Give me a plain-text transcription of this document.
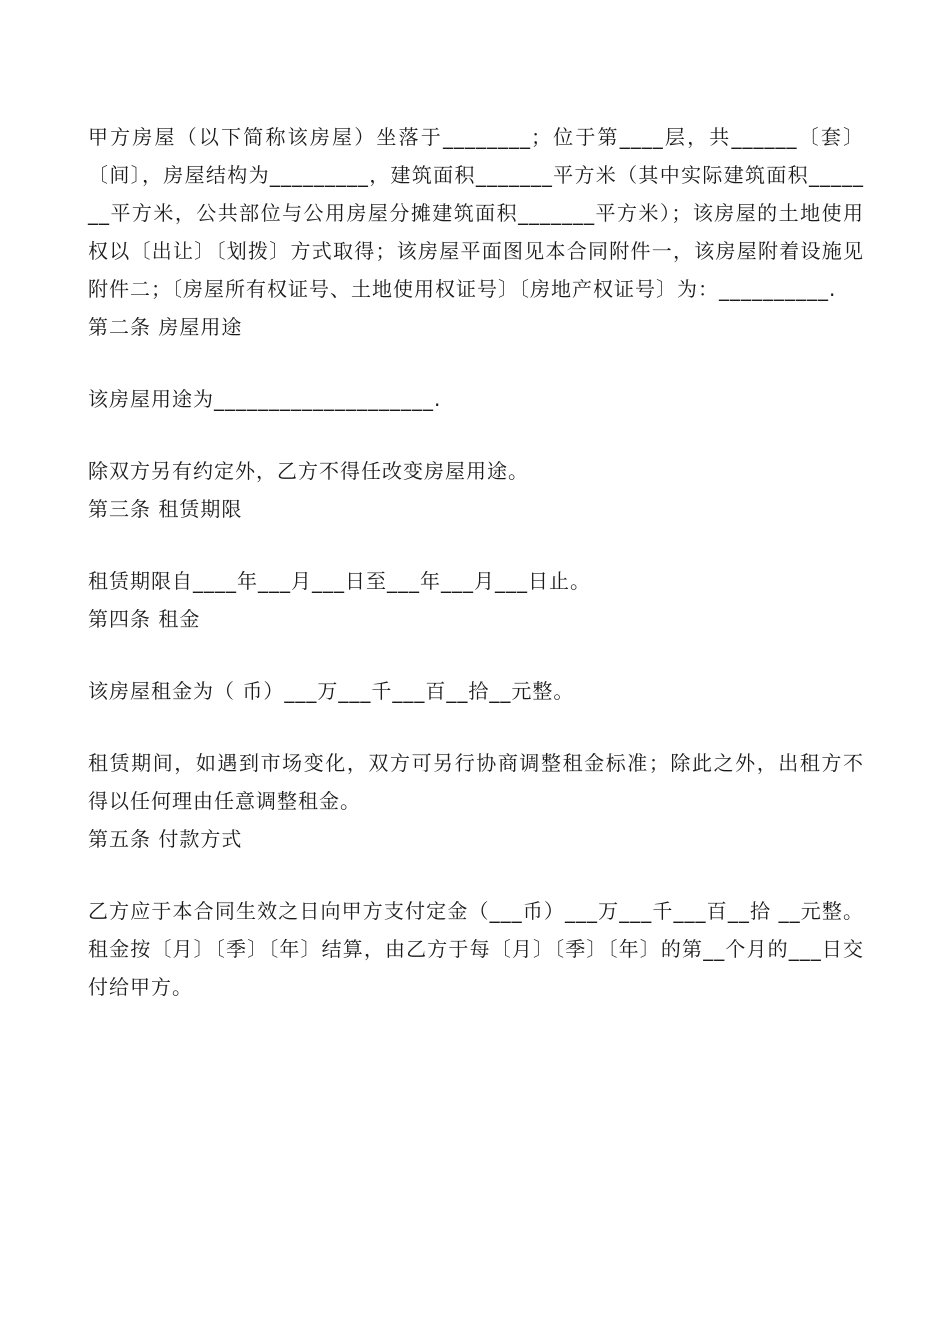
甲方房屋（以下简称该房屋）坐落于________；位于第____层，共______〔套〕〔间〕，房屋结构为_________，建筑面积_______平方米（其中实际建筑面积_______平方米，公共部位与公用房屋分摊建筑面积_______平方米）；该房屋的土地使用权以〔出让〕〔划拨〕方式取得；该房屋平面图见本合同附件一，该房屋附着设施见附件二；〔房屋所有权证号、土地使用权证号〕〔房地产权证号〕为：__________.

第二条 房屋用途

该房屋用途为____________________.

除双方另有约定外，乙方不得任改变房屋用途。

第三条 租赁期限

租赁期限自____年___月___日至___年___月___日止。

第四条 租金

该房屋租金为（ 币）___万___千___百__拾__元整。

租赁期间，如遇到市场变化，双方可另行协商调整租金标准；除此之外，出租方不得以任何理由任意调整租金。

第五条 付款方式

乙方应于本合同生效之日向甲方支付定金（___币）___万___千___百__拾 __元整。租金按〔月〕〔季〕〔年〕结算，由乙方于每〔月〕〔季〕〔年〕的第__个月的___日交付给甲方。
